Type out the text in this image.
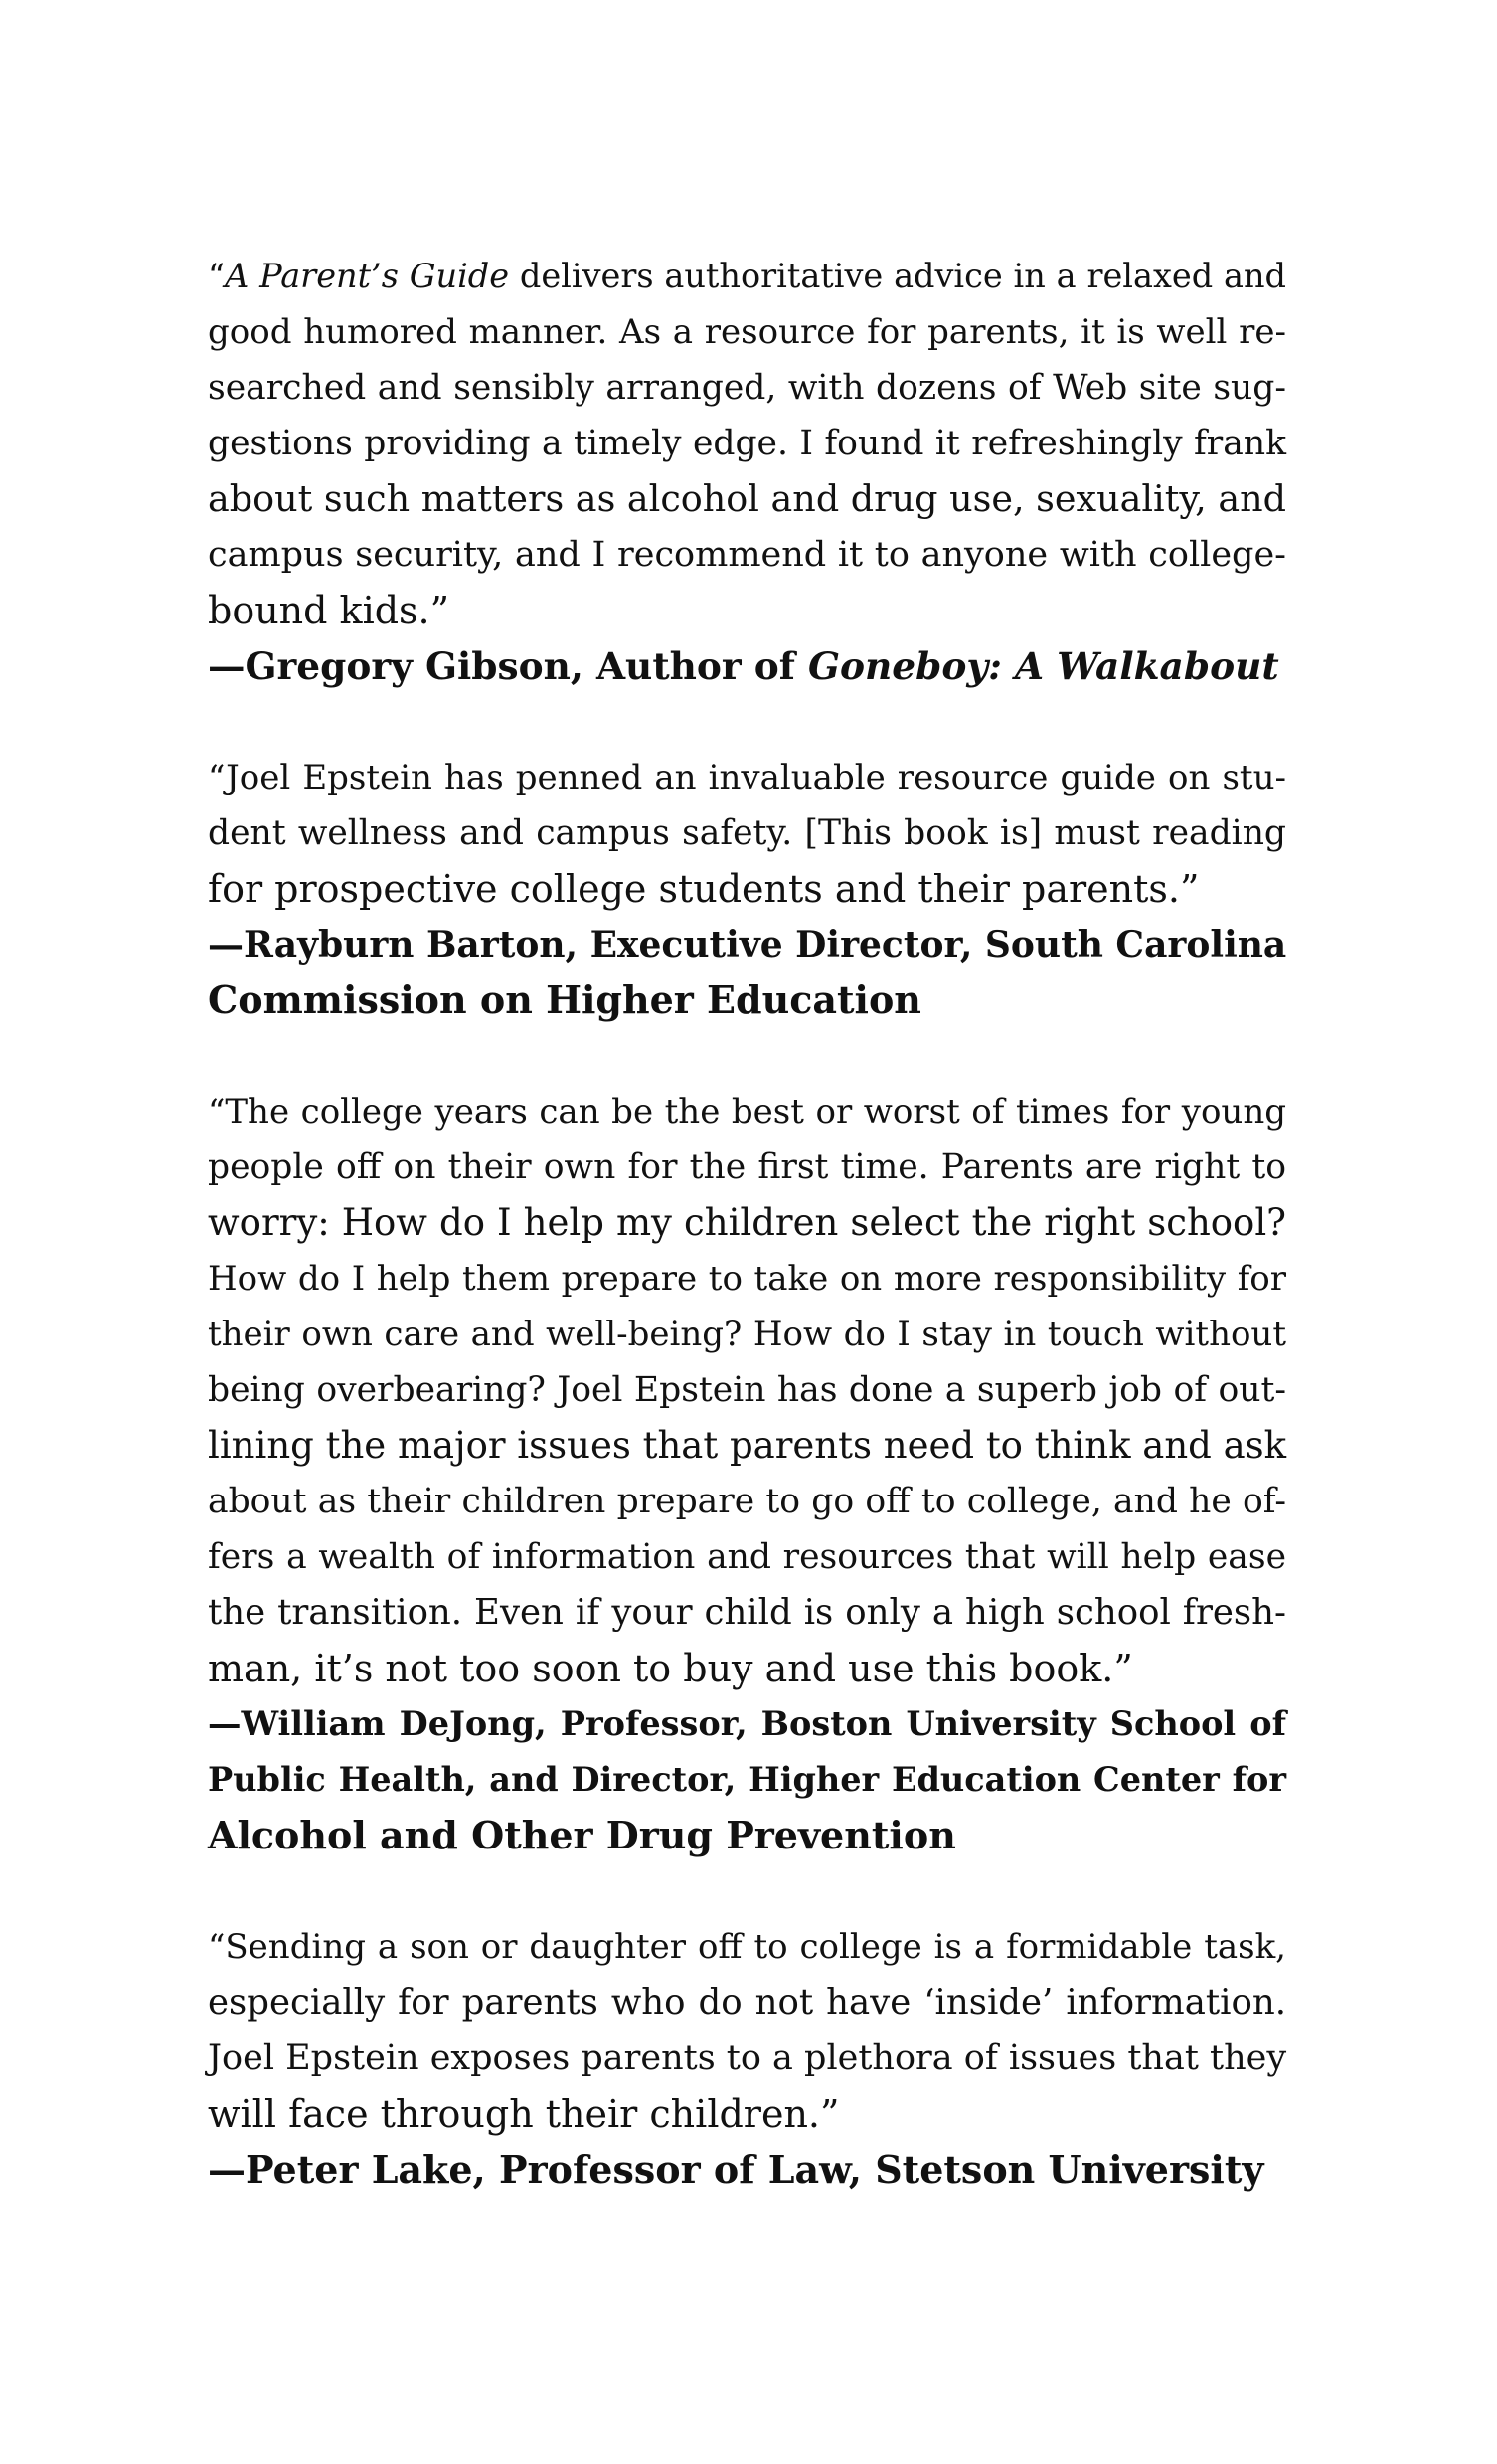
“A Parent’s Guide delivers authoritative advice in a relaxed and
good humored manner. As a resource for parents, it is well re-
searched and sensibly arranged, with dozens of Web site sug-
gestions providing a timely edge. I found it refreshingly frank
about such matters as alcohol and drug use, sexuality, and
campus security, and I recommend it to anyone with college-
bound kids.”

—Gregory Gibson, Author of Goneboy: A Walkabout

“Joel Epstein has penned an invaluable resource guide on stu-
dent wellness and campus safety. [This book is] must reading
for prospective college students and their parents.”

—Rayburn Barton, Executive Director, South Carolina
Commission on Higher Education

“The college years can be the best or worst of times for young
people off on their own for the first time. Parents are right to
worry: How do I help my children select the right school?
How do I help them prepare to take on more responsibility for
their own care and well-being? How do I stay in touch without
being overbearing? Joel Epstein has done a superb job of out-
lining the major issues that parents need to think and ask
about as their children prepare to go off to college, and he of-
fers a wealth of information and resources that will help ease
the transition. Even if your child is only a high school fresh-
man, it’s not too soon to buy and use this book.”

—William DeJong, Professor, Boston University School of
Public Health, and Director, Higher Education Center for
Alcohol and Other Drug Prevention

“Sending a son or daughter off to college is a formidable task,
especially for parents who do not have ‘inside’ information.
Joel Epstein exposes parents to a plethora of issues that they
will face through their children.”

—Peter Lake, Professor of Law, Stetson University
